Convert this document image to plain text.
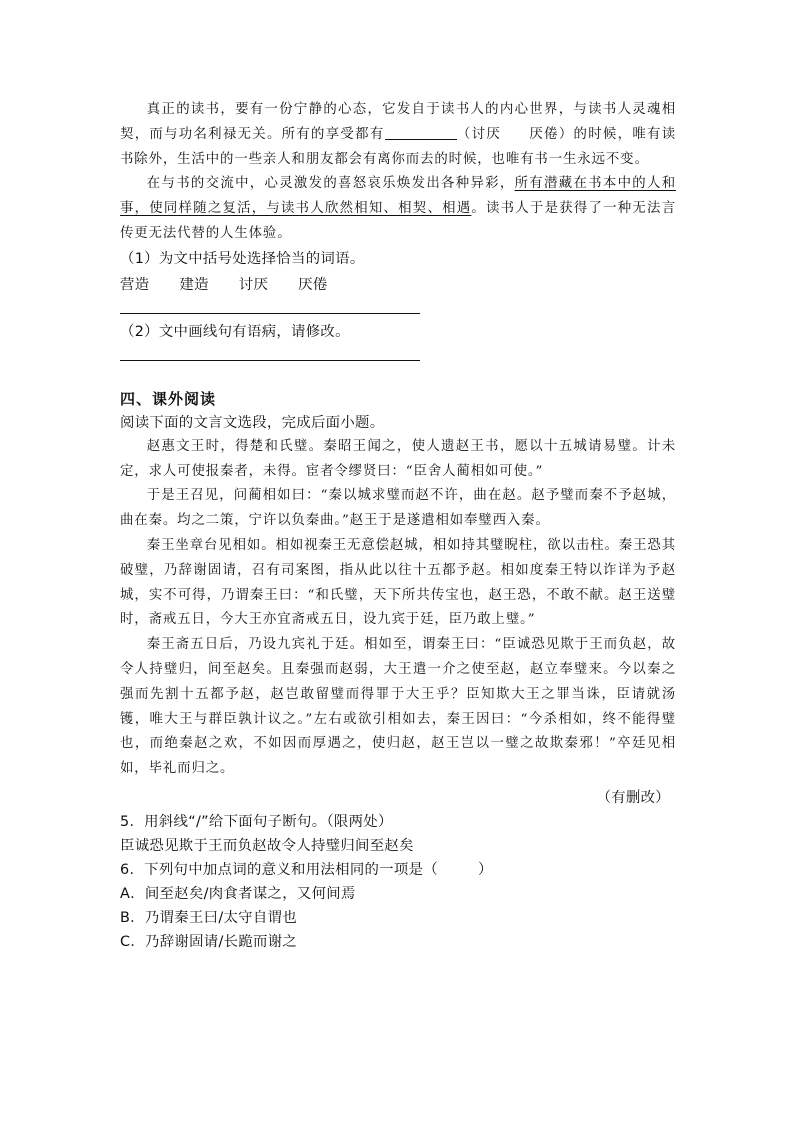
真正的读书，要有一份宁静的心态，它发自于读书人的内心世界，与读书人灵魂相契，而与功名利禄无关。所有的享受都有	（讨厌 厌倦）的时候，唯有读书除外，生活中的一些亲人和朋友都会有离你而去的时候，也唯有书一生永远不变。

在与书的交流中，心灵激发的喜怒哀乐焕发出各种异彩，所有潜藏在书本中的人和事，使同样随之复活，与读书人欣然相知、相契、相遇。读书人于是获得了一种无法言传更无法代替的人生体验。

（1）为文中括号处选择恰当的词语。

营造 建造 讨厌 厌倦

（2）文中画线句有语病，请修改。

四、课外阅读
阅读下面的文言文选段，完成后面小题。

赵惠文王时，得楚和氏璧。秦昭王闻之，使人遗赵王书，愿以十五城请易璧。计未定，求人可使报秦者，未得。宦者令缪贤曰：“臣舍人蔺相如可使。”

于是王召见，问蔺相如曰：“秦以城求璧而赵不许，曲在赵。赵予璧而秦不予赵城，曲在秦。均之二策，宁许以负秦曲。”赵王于是遂遣相如奉璧西入秦。

秦王坐章台见相如。相如视秦王无意偿赵城，相如持其璧睨柱，欲以击柱。秦王恐其破璧，乃辞谢固请，召有司案图，指从此以往十五都予赵。相如度秦王特以诈详为予赵城，实不可得，乃谓秦王曰：“和氏璧，天下所共传宝也，赵王恐，不敢不献。赵王送璧时，斋戒五日，今大王亦宜斋戒五日，设九宾于廷，臣乃敢上璧。”

秦王斋五日后，乃设九宾礼于廷。相如至，谓秦王曰：“臣诚恐见欺于王而负赵，故令人持璧归，间至赵矣。且秦强而赵弱，大王遣一介之使至赵，赵立奉璧来。今以秦之强而先割十五都予赵，赵岂敢留璧而得罪于大王乎？臣知欺大王之罪当诛，臣请就汤镬，唯大王与群臣孰计议之。”左右或欲引相如去，秦王因曰：“今杀相如，终不能得璧也，而绝秦赵之欢，不如因而厚遇之，使归赵，赵王岂以一璧之故欺秦邪！”卒廷见相如，毕礼而归之。

（有删改）

5．用斜线“/”给下面句子断句。（限两处）

臣诚恐见欺于王而负赵故令人持璧归间至赵矣

6．下列句中加点词的意义和用法相同的一项是（	）

A．间至赵矣/肉食者谋之，又何间焉

B．乃谓秦王曰/太守自谓也

C．乃辞谢固请/长跪而谢之
